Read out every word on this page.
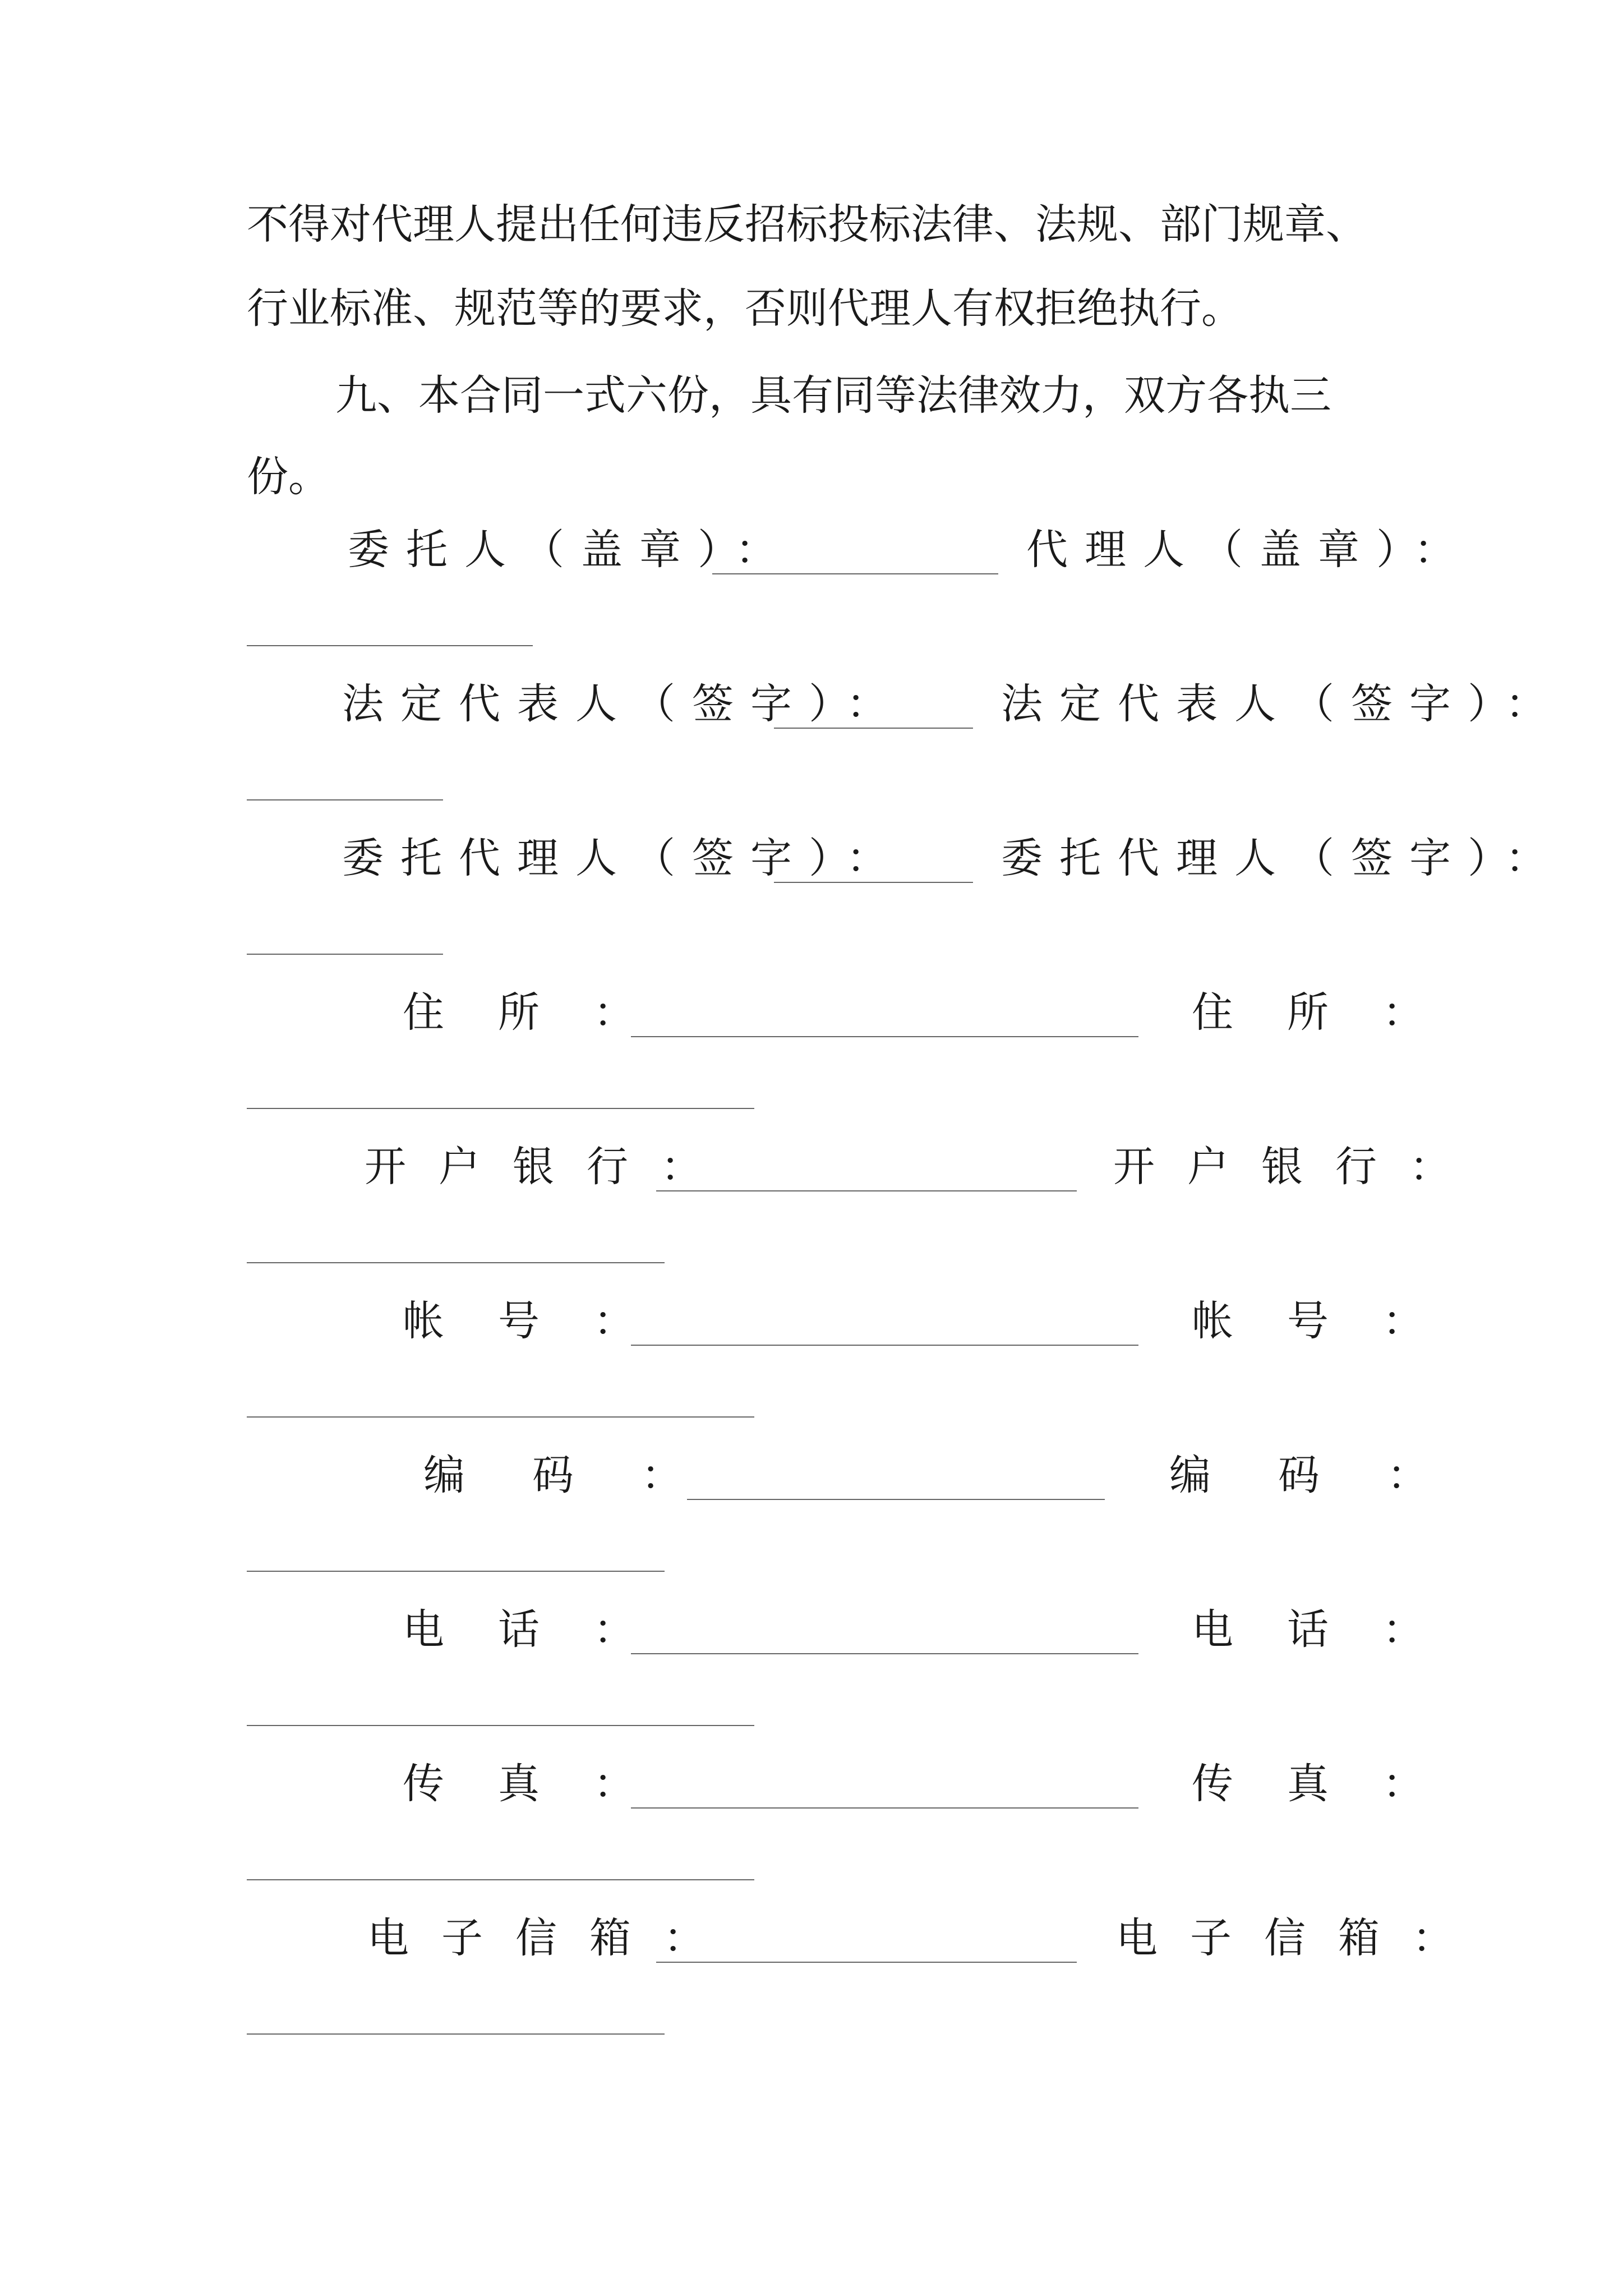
不得对代理人提出任何违反招标投标法律、法规、部门规章、
行业标准、规范等的要求，否则代理人有权拒绝执行。
九、本合同一式六份，具有同等法律效力，双方各执三
份。
委托人（盖章）：	代理人（盖章）：
法定代表人（签字）： 法定代表人（签字）：
委托代理人（签字）： 委托代理人（签字）：
住所：	住所：
开户银行：	开户银行：
帐号：	帐号：
编码：	编码：
电话：	电话：
传真：	传真：
电子信箱：	电子信箱：
